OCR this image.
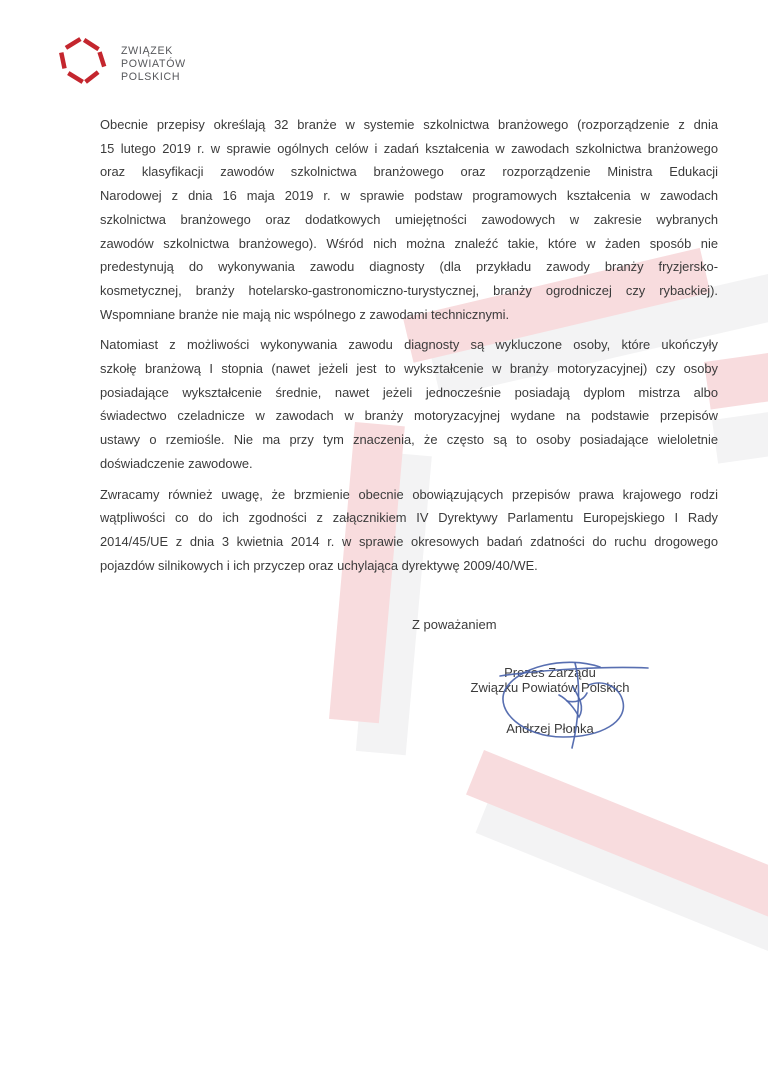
ZWIĄZEK
POWIATÓW
POLSKICH
Obecnie przepisy określają 32 branże w systemie szkolnictwa branżowego (rozporządzenie z dnia
15 lutego 2019 r. w sprawie ogólnych celów i zadań kształcenia w zawodach szkolnictwa branżowego
oraz klasyfikacji zawodów szkolnictwa branżowego oraz rozporządzenie Ministra Edukacji
Narodowej z dnia 16 maja 2019 r. w sprawie podstaw programowych kształcenia w zawodach
szkolnictwa branżowego oraz dodatkowych umiejętności zawodowych w zakresie wybranych
zawodów szkolnictwa branżowego). Wśród nich można znaleźć takie, które w żaden sposób nie
predestynują do wykonywania zawodu diagnosty (dla przykładu zawody branży fryzjersko-
kosmetycznej, branży hotelarsko-gastronomiczno-turystycznej, branży ogrodniczej czy rybackiej).
Wspomniane branże nie mają nic wspólnego z zawodami technicznymi.
Natomiast z możliwości wykonywania zawodu diagnosty są wykluczone osoby, które ukończyły
szkołę branżową I stopnia (nawet jeżeli jest to wykształcenie w branży motoryzacyjnej) czy osoby
posiadające wykształcenie średnie, nawet jeżeli jednocześnie posiadają dyplom mistrza albo
świadectwo czeladnicze w zawodach w branży motoryzacyjnej wydane na podstawie przepisów
ustawy o rzemiośle. Nie ma przy tym znaczenia, że często są to osoby posiadające wieloletnie
doświadczenie zawodowe.
Zwracamy również uwagę, że brzmienie obecnie obowiązujących przepisów prawa krajowego rodzi
wątpliwości co do ich zgodności z załącznikiem IV Dyrektywy Parlamentu Europejskiego I Rady
2014/45/UE z dnia 3 kwietnia 2014 r. w sprawie okresowych badań zdatności do ruchu drogowego
pojazdów silnikowych i ich przyczep oraz uchylająca dyrektywę 2009/40/WE.
Z poważaniem
Prezes Zarządu
Związku Powiatów Polskich
Andrzej Płonka
